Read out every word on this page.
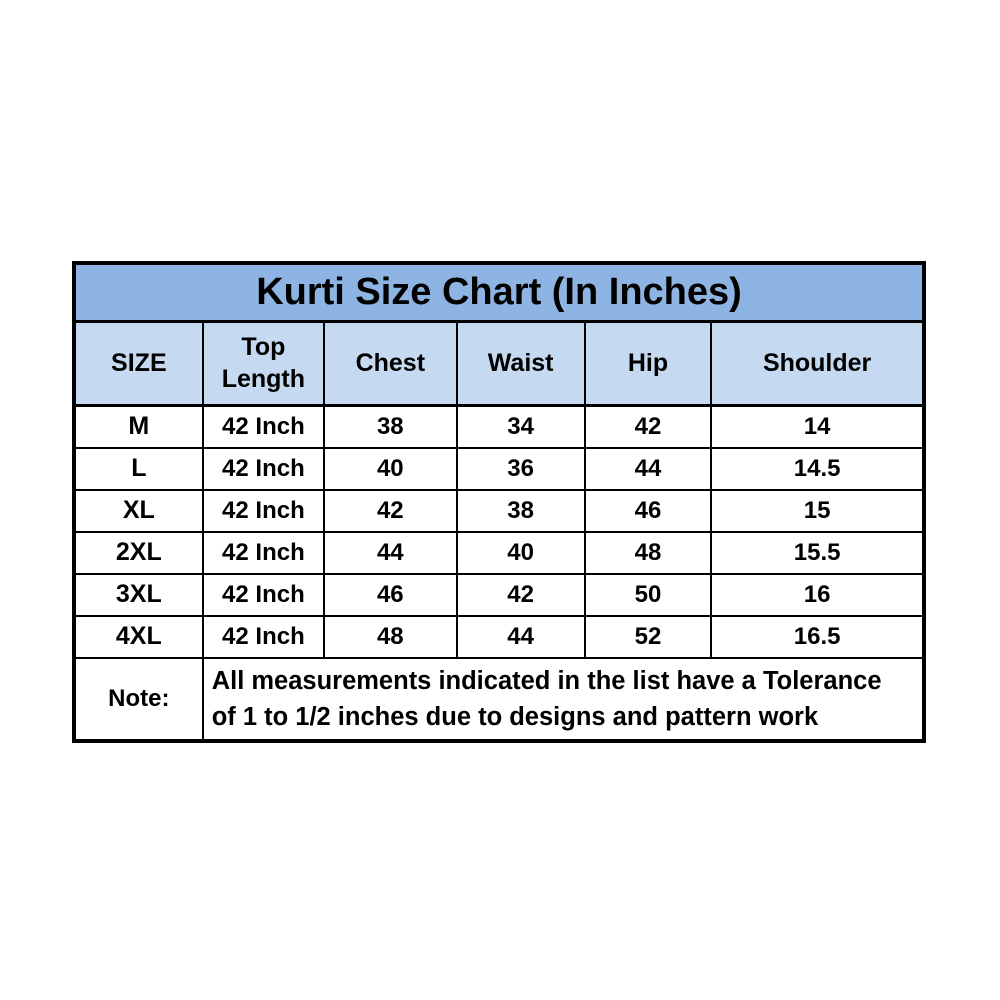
Kurti Size Chart (In Inches)					
SIZE	Top Length	Chest	Waist	Hip	Shoulder
M	42 Inch	38	34	42	14
L	42 Inch	40	36	44	14.5
XL	42 Inch	42	38	46	15
2XL	42 Inch	44	40	48	15.5
3XL	42 Inch	46	42	50	16
4XL	42 Inch	48	44	52	16.5
Note:	All measurements indicated in the list have a Tolerance of 1 to 1/2 inches due to designs and pattern work				
